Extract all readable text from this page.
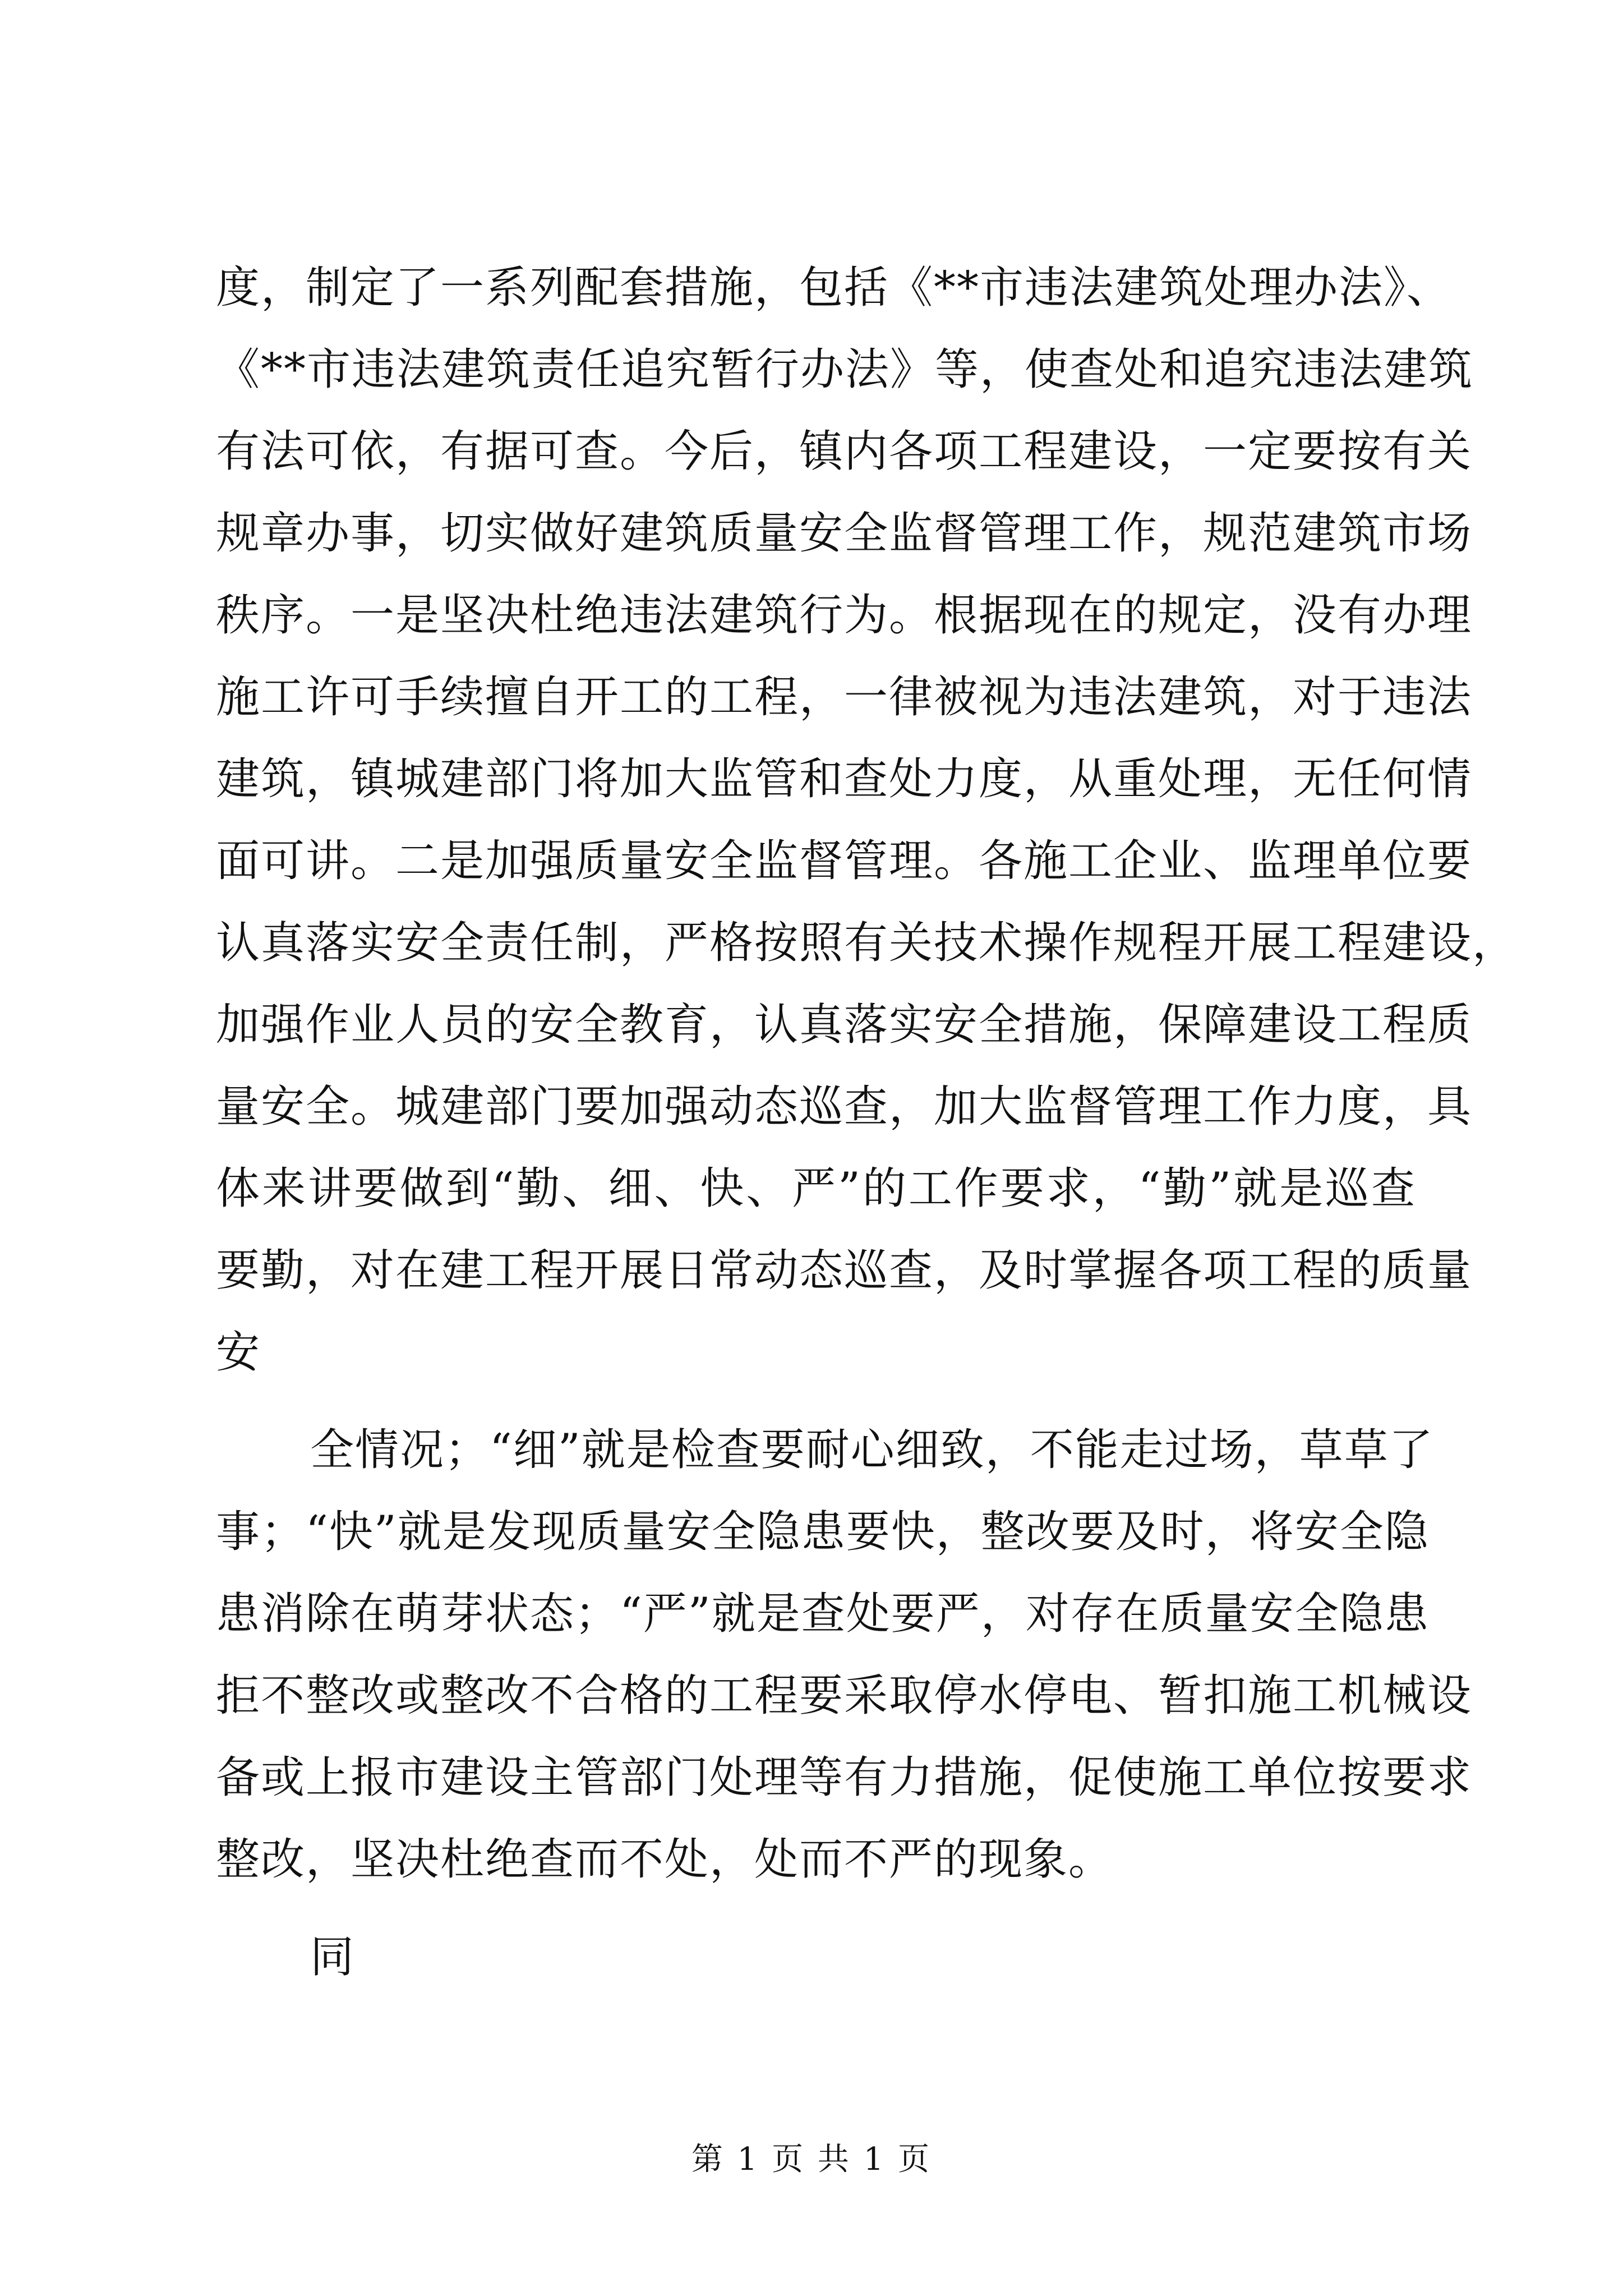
度，制定了一系列配套措施，包括《**市违法建筑处理办法》、
《**市违法建筑责任追究暂行办法》等，使查处和追究违法建筑
有法可依，有据可查。今后，镇内各项工程建设，一定要按有关
规章办事，切实做好建筑质量安全监督管理工作，规范建筑市场
秩序。一是坚决杜绝违法建筑行为。根据现在的规定，没有办理
施工许可手续擅自开工的工程，一律被视为违法建筑，对于违法
建筑，镇城建部门将加大监管和查处力度，从重处理，无任何情
面可讲。二是加强质量安全监督管理。各施工企业、监理单位要
认真落实安全责任制，严格按照有关技术操作规程开展工程建设，
加强作业人员的安全教育，认真落实安全措施，保障建设工程质
量安全。城建部门要加强动态巡查，加大监督管理工作力度，具
体来讲要做到“勤、细、快、严”的工作要求，“勤”就是巡查
要勤，对在建工程开展日常动态巡查，及时掌握各项工程的质量
安
全情况；“细”就是检查要耐心细致，不能走过场，草草了
事；“快”就是发现质量安全隐患要快，整改要及时，将安全隐
患消除在萌芽状态；“严”就是查处要严，对存在质量安全隐患
拒不整改或整改不合格的工程要采取停水停电、暂扣施工机械设
备或上报市建设主管部门处理等有力措施，促使施工单位按要求
整改，坚决杜绝查而不处，处而不严的现象。
同
第 1 页 共 1 页
